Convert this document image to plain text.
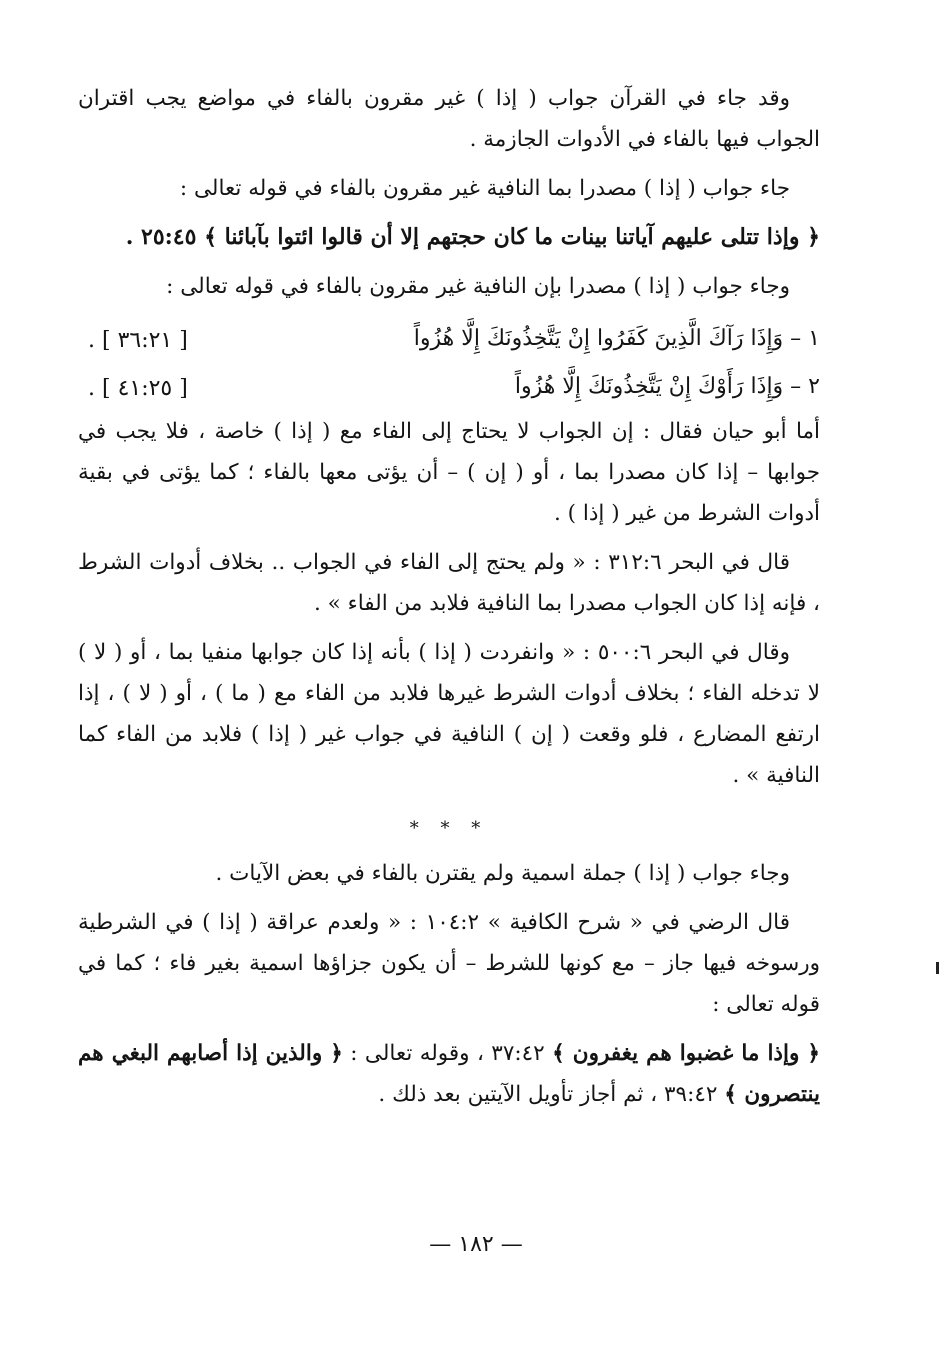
وقد جاء في القرآن جواب ( إذا ) غير مقرون بالفاء في مواضع يجب اقتران الجواب فيها بالفاء في الأدوات الجازمة .

جاء جواب ( إذا ) مصدرا بما النافية غير مقرون بالفاء في قوله تعالى :

﴿ وإذا تتلى عليهم آياتنا بينات ما كان حجتهم إلا أن قالوا ائتوا بآبائنا ﴾ ٢٥:٤٥ .

وجاء جواب ( إذا ) مصدرا بإن النافية غير مقرون بالفاء في قوله تعالى :

١ – وَإِذَا رَآكَ الَّذِينَ كَفَرُوا إِنْ يَتَّخِذُونَكَ إِلَّا هُزُواً
[ ٣٦:٢١ ] .
٢ – وَإِذَا رَأَوْكَ إِنْ يَتَّخِذُونَكَ إِلَّا هُزُواً
[ ٤١:٢٥ ] .

أما أبو حيان فقال : إن الجواب لا يحتاج إلى الفاء مع ( إذا ) خاصة ، فلا يجب في جوابها – إذا كان مصدرا بما ، أو ( إن ) – أن يؤتى معها بالفاء ؛ كما يؤتى في بقية أدوات الشرط من غير ( إذا ) .

قال في البحر ٣١٢:٦ : « ولم يحتج إلى الفاء في الجواب .. بخلاف أدوات الشرط ، فإنه إذا كان الجواب مصدرا بما النافية فلابد من الفاء » .

وقال في البحر ٥٠٠:٦ : « وانفردت ( إذا ) بأنه إذا كان جوابها منفيا بما ، أو ( لا ) لا تدخله الفاء ؛ بخلاف أدوات الشرط غيرها فلابد من الفاء مع ( ما ) ، أو ( لا ) ، إذا ارتفع المضارع ، فلو وقعت ( إن ) النافية في جواب غير ( إذا ) فلابد من الفاء كما النافية » .

* * *

وجاء جواب ( إذا ) جملة اسمية ولم يقترن بالفاء في بعض الآيات .

قال الرضي في « شرح الكافية » ١٠٤:٢ : « ولعدم عراقة ( إذا ) في الشرطية ورسوخه فيها جاز – مع كونها للشرط – أن يكون جزاؤها اسمية بغير فاء ؛ كما في قوله تعالى :

﴿ وإذا ما غضبوا هم يغفرون ﴾ ٣٧:٤٢ ، وقوله تعالى : ﴿ والذين إذا أصابهم البغي هم ينتصرون ﴾ ٣٩:٤٢ ، ثم أجاز تأويل الآيتين بعد ذلك .

— ١٨٢ —
